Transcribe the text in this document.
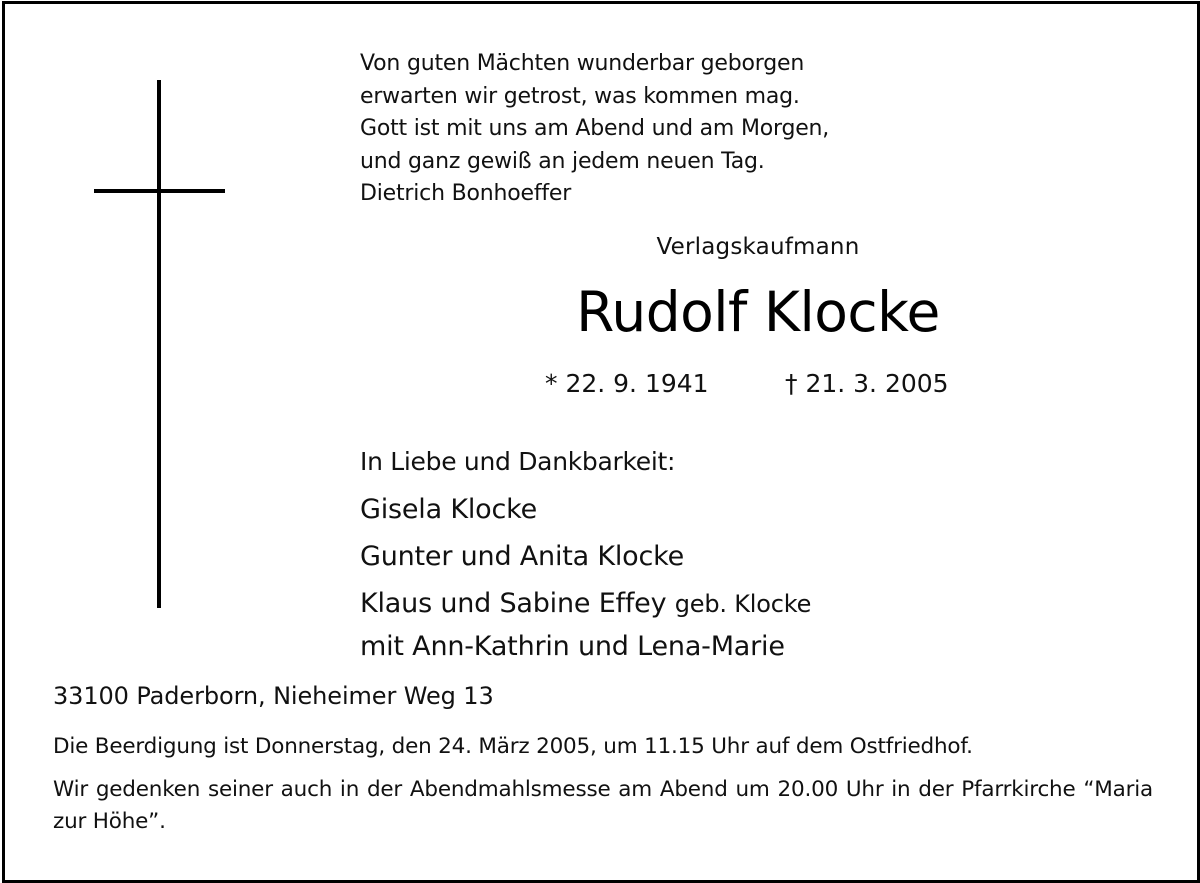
Von guten Mächten wunderbar geborgen
erwarten wir getrost, was kommen mag.
Gott ist mit uns am Abend und am Morgen,
und ganz gewiß an jedem neuen Tag.
Dietrich Bonhoeffer
Verlagskaufmann
Rudolf Klocke
* 22. 9. 1941	† 21. 3. 2005
In Liebe und Dankbarkeit:
Gisela Klocke
Gunter und Anita Klocke
Klaus und Sabine Effey geb. Klocke
mit Ann-Kathrin und Lena-Marie
33100 Paderborn, Nieheimer Weg 13
Die Beerdigung ist Donnerstag, den 24. März 2005, um 11.15 Uhr auf dem Ostfriedhof.
Wir gedenken seiner auch in der Abendmahlsmesse am Abend um 20.00 Uhr in der Pfarrkirche “Maria zur Höhe”.
